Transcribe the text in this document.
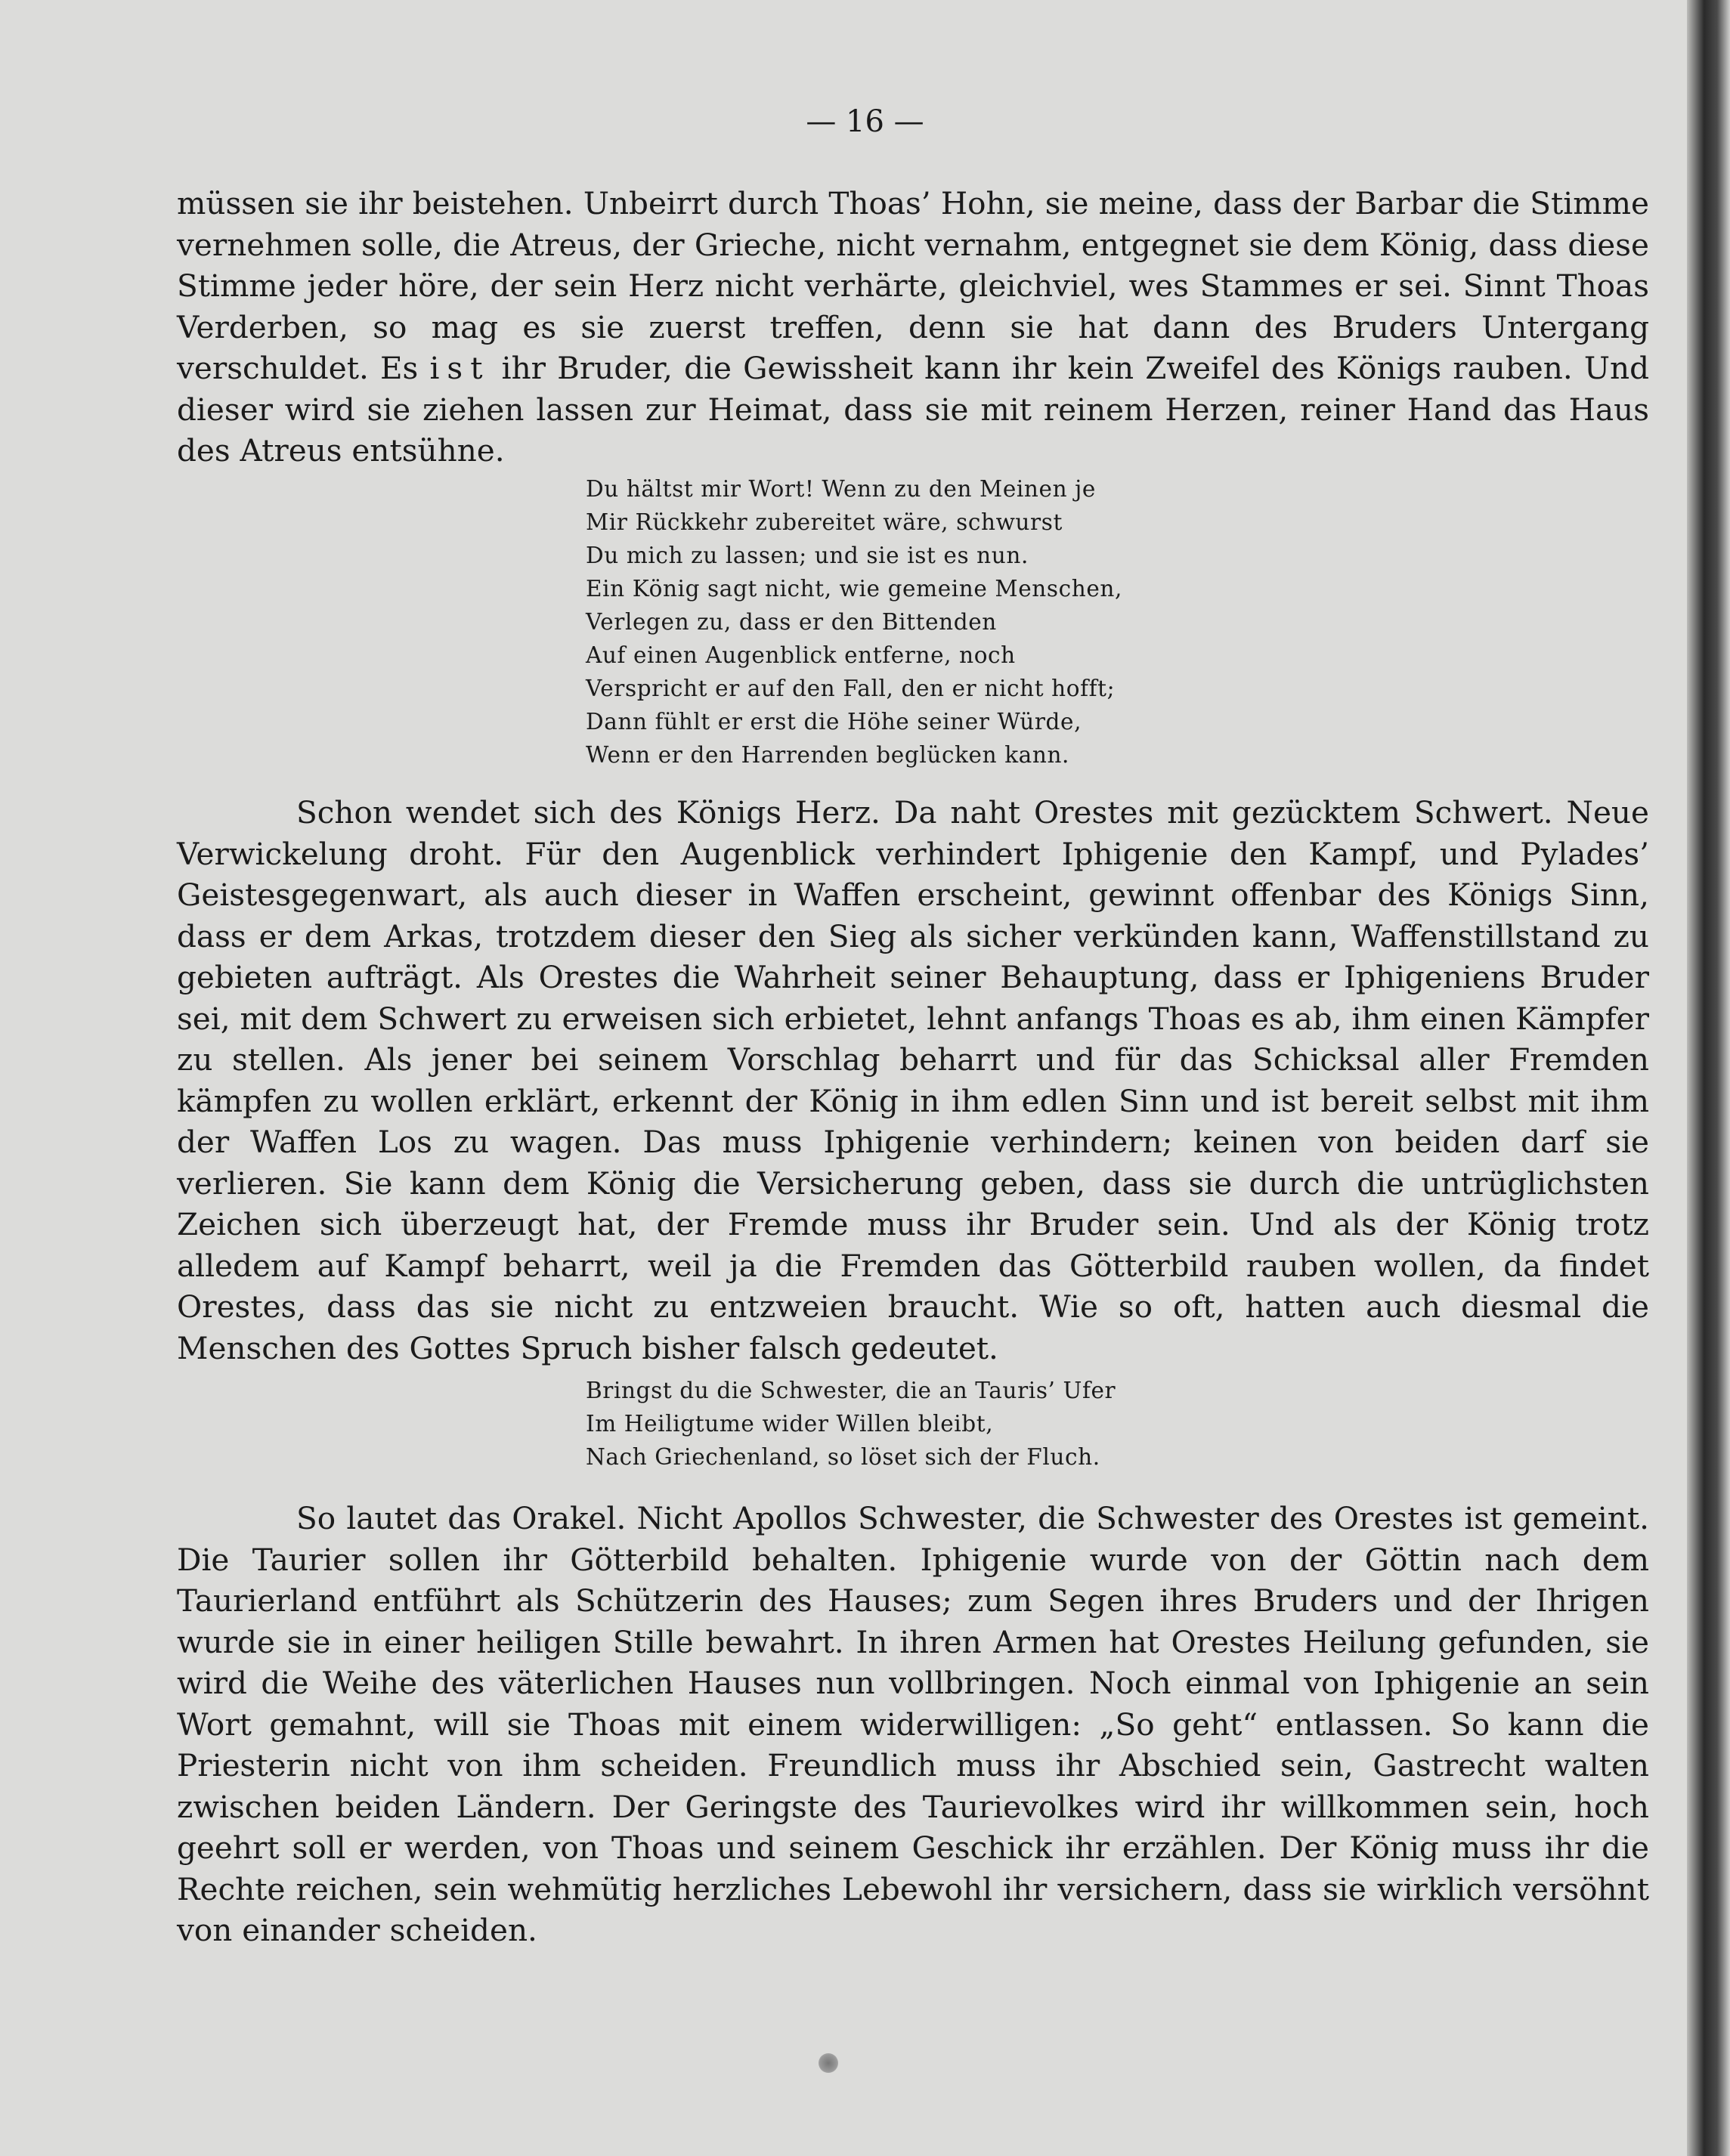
— 16 —

müssen sie ihr beistehen. Unbeirrt durch Thoas’ Hohn, sie meine, dass der Barbar die Stimme vernehmen solle, die Atreus, der Grieche, nicht vernahm, entgegnet sie dem König, dass diese Stimme jeder höre, der sein Herz nicht verhärte, gleichviel, wes Stammes er sei. Sinnt Thoas Verderben, so mag es sie zuerst treffen, denn sie hat dann des Bruders Untergang verschuldet. Es ist ihr Bruder, die Gewissheit kann ihr kein Zweifel des Königs rauben. Und dieser wird sie ziehen lassen zur Heimat, dass sie mit reinem Herzen, reiner Hand das Haus des Atreus entsühne.

Du hältst mir Wort! Wenn zu den Meinen je
Mir Rückkehr zubereitet wäre, schwurst
Du mich zu lassen; und sie ist es nun.
Ein König sagt nicht, wie gemeine Menschen,
Verlegen zu, dass er den Bittenden
Auf einen Augenblick entferne, noch
Verspricht er auf den Fall, den er nicht hofft;
Dann fühlt er erst die Höhe seiner Würde,
Wenn er den Harrenden beglücken kann.

Schon wendet sich des Königs Herz. Da naht Orestes mit gezücktem Schwert. Neue Verwickelung droht. Für den Augenblick verhindert Iphigenie den Kampf, und Pylades’ Geistesgegenwart, als auch dieser in Waffen erscheint, gewinnt offenbar des Königs Sinn, dass er dem Arkas, trotzdem dieser den Sieg als sicher verkünden kann, Waffenstillstand zu gebieten aufträgt. Als Orestes die Wahrheit seiner Behauptung, dass er Iphigeniens Bruder sei, mit dem Schwert zu erweisen sich erbietet, lehnt anfangs Thoas es ab, ihm einen Kämpfer zu stellen. Als jener bei seinem Vorschlag beharrt und für das Schicksal aller Fremden kämpfen zu wollen erklärt, erkennt der König in ihm edlen Sinn und ist bereit selbst mit ihm der Waffen Los zu wagen. Das muss Iphigenie verhindern; keinen von beiden darf sie verlieren. Sie kann dem König die Versicherung geben, dass sie durch die untrüglichsten Zeichen sich überzeugt hat, der Fremde muss ihr Bruder sein. Und als der König trotz alledem auf Kampf beharrt, weil ja die Fremden das Götterbild rauben wollen, da findet Orestes, dass das sie nicht zu entzweien braucht. Wie so oft, hatten auch diesmal die Menschen des Gottes Spruch bisher falsch gedeutet.

Bringst du die Schwester, die an Tauris’ Ufer
Im Heiligtume wider Willen bleibt,
Nach Griechenland, so löset sich der Fluch.

So lautet das Orakel. Nicht Apollos Schwester, die Schwester des Orestes ist gemeint. Die Taurier sollen ihr Götterbild behalten. Iphigenie wurde von der Göttin nach dem Taurierland entführt als Schützerin des Hauses; zum Segen ihres Bruders und der Ihrigen wurde sie in einer heiligen Stille bewahrt. In ihren Armen hat Orestes Heilung gefunden, sie wird die Weihe des väterlichen Hauses nun vollbringen. Noch einmal von Iphigenie an sein Wort gemahnt, will sie Thoas mit einem widerwilligen: „So geht“ entlassen. So kann die Priesterin nicht von ihm scheiden. Freundlich muss ihr Abschied sein, Gastrecht walten zwischen beiden Ländern. Der Geringste des Taurievolkes wird ihr willkommen sein, hoch geehrt soll er werden, von Thoas und seinem Geschick ihr erzählen. Der König muss ihr die Rechte reichen, sein wehmütig herzliches Lebewohl ihr versichern, dass sie wirklich versöhnt von einander scheiden.
